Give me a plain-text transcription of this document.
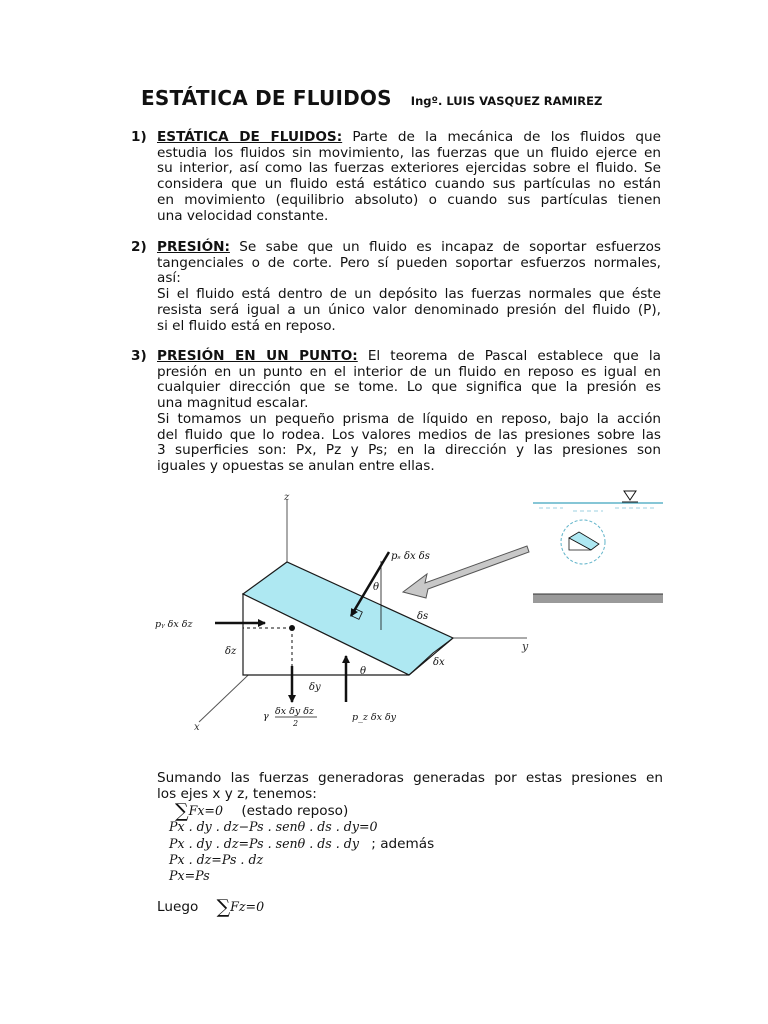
ESTÁTICA DE FLUIDOS Ingº. LUIS VASQUEZ RAMIREZ
1) ESTÁTICA DE FLUIDOS: Parte de la mecánica de los fluidos que
estudia los fluidos sin movimiento, las fuerzas que un fluido ejerce en
su interior, así como las fuerzas exteriores ejercidas sobre el fluido. Se
considera que un fluido está estático cuando sus partículas no están
en movimiento (equilibrio absoluto) o cuando sus partículas tienen
una velocidad constante.
2) PRESIÓN: Se sabe que un fluido es incapaz de soportar esfuerzos
tangenciales o de corte. Pero sí pueden soportar esfuerzos normales,
así:
Si el fluido está dentro de un depósito las fuerzas normales que éste
resista será igual a un único valor denominado presión del fluido (P),
si el fluido está en reposo.
3) PRESIÓN EN UN PUNTO: El teorema de Pascal establece que la
presión en un punto en el interior de un fluido en reposo es igual en
cualquier dirección que se tome. Lo que significa que la presión es
una magnitud escalar.
Si tomamos un pequeño prisma de líquido en reposo, bajo la acción
del fluido que lo rodea. Los valores medios de las presiones sobre las
3 superficies son: Px, Pz y Ps; en la dirección y las presiones son
iguales y opuestas se anulan entre ellas.
z
y
x
pₛ δx δs
θ
δs
pᵧ δx δz
δz
δy
γ δx δy δz
2
p_z δx δy
θ
δx
Sumando las fuerzas generadoras generadas por estas presiones en
los ejes x y z, tenemos:
∑Fx=0 (estado reposo)
Px . dy . dz−Ps . senθ . ds . dy=0
Px . dy . dz=Ps . senθ . ds . dy ; además
Px . dz=Ps . dz
Px=Ps
Luego ∑Fz=0
